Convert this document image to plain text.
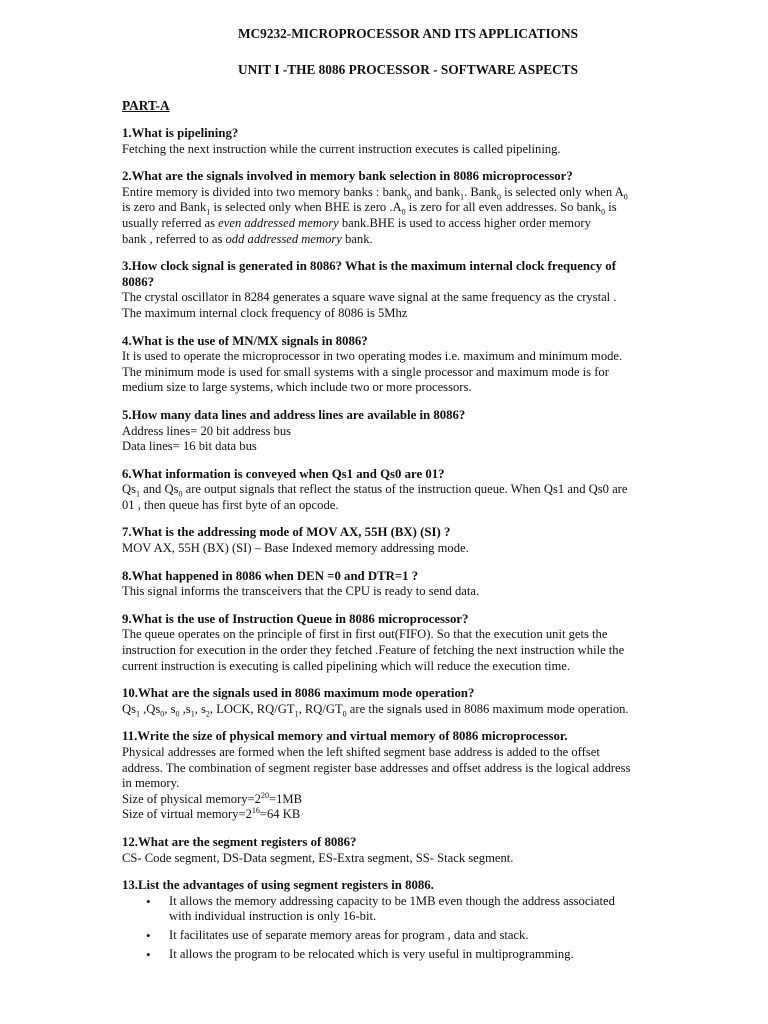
MC9232-MICROPROCESSOR AND ITS APPLICATIONS
UNIT I -THE 8086 PROCESSOR - SOFTWARE ASPECTS
PART-A
1.What is pipelining?
Fetching the next instruction while the current instruction executes is called pipelining.
2.What are the signals involved in memory bank selection in 8086 microprocessor?
Entire memory is divided into two memory banks : bank$_0$ and bank$_1$. Bank$_0$ is selected only when $A_0$
is zero and Bank$_1$ is selected only when BHE is zero $.A_0$ is zero for all even addresses. So bank$_0$ is
usually referred as even addressed memory bank.BHE is used to access higher order memory
bank , referred to as odd addressed memory bank.
3.How clock signal is generated in 8086? What is the maximum internal clock frequency of
8086?
The crystal oscillator in 8284 generates a square wave signal at the same frequency as the crystal .
The maximum internal clock frequency of 8086 is 5Mhz
4.What is the use of MN/MX signals in 8086?
It is used to operate the microprocessor in two operating modes i.e. maximum and minimum mode.
The minimum mode is used for small systems with a single processor and maximum mode is for
medium size to large systems, which include two or more processors.
5.How many data lines and address lines are available in 8086?
Address lines= 20 bit address bus
Data lines= 16 bit data bus
6.What information is conveyed when Qs1 and Qs0 are 01?
$Qs_1$ and $Qs_0$ are output signals that reflect the status of the instruction queue. When Qs1 and Qs0 are
01 , then queue has first byte of an opcode.
7.What is the addressing mode of MOV AX, 55H (BX) (SI) ?
MOV AX, 55H (BX) (SI) – Base Indexed memory addressing mode.
8.What happened in 8086 when DEN =0 and DTR=1 ?
This signal informs the transceivers that the CPU is ready to send data.
9.What is the use of Instruction Queue in 8086 microprocessor?
The queue operates on the principle of first in first out(FIFO). So that the execution unit gets the
instruction for execution in the order they fetched .Feature of fetching the next instruction while the
current instruction is executing is called pipelining which will reduce the execution time.
10.What are the signals used in 8086 maximum mode operation?
$Qs_1$ $,Qs_0$, $s_0$ $,s_1$, $s_2$, LOCK, $RQ/GT_1$, $RQ/GT_0$ are the signals used in 8086 maximum mode operation.
11.Write the size of physical memory and virtual memory of 8086 microprocessor.
Physical addresses are formed when the left shifted segment base address is added to the offset
address. The combination of segment register base addresses and offset address is the logical address
in memory.
Size of physical $memory=2^{20}=1MB$
Size of virtual $memory=2^{16}=64$ KB
12.What are the segment registers of 8086?
CS- Code segment, DS-Data segment, ES-Extra segment, SS- Stack segment.
13.List the advantages of using segment registers in 8086.
• It allows the memory addressing capacity to be 1MB even though the address associated
with individual instruction is only 16-bit.
• It facilitates use of separate memory areas for program , data and stack.
• It allows the program to be relocated which is very useful in multiprogramming.
